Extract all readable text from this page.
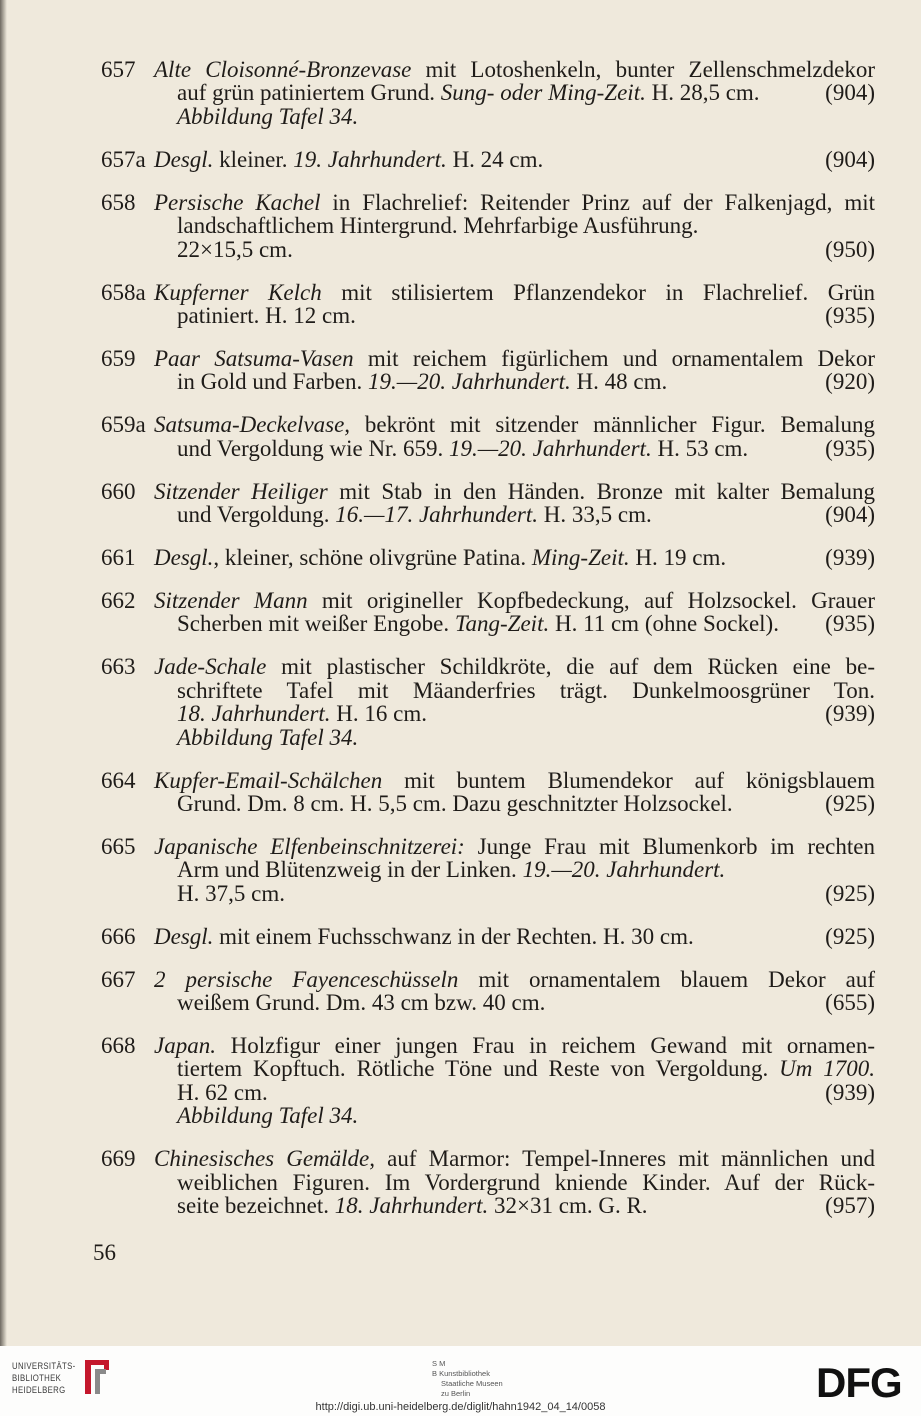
657 Alte Cloisonné-Bronzevase mit Lotoshenkeln, bunter Zellenschmelzdekor
auf grün patiniertem Grund. Sung- oder Ming-Zeit. H. 28,5 cm.	(904)
Abbildung Tafel 34.
657a Desgl. kleiner. 19. Jahrhundert. H. 24 cm.	(904)
658 Persische Kachel in Flachrelief: Reitender Prinz auf der Falkenjagd, mit
landschaftlichem Hintergrund. Mehrfarbige Ausführung.
22×15,5 cm.	(950)
658a Kupferner Kelch mit stilisiertem Pflanzendekor in Flachrelief. Grün
patiniert. H. 12 cm.	(935)
659 Paar Satsuma-Vasen mit reichem figürlichem und ornamentalem Dekor
in Gold und Farben. 19.—20. Jahrhundert. H. 48 cm.	(920)
659a Satsuma-Deckelvase, bekrönt mit sitzender männlicher Figur. Bemalung
und Vergoldung wie Nr. 659. 19.—20. Jahrhundert. H. 53 cm.	(935)
660 Sitzender Heiliger mit Stab in den Händen. Bronze mit kalter Bemalung
und Vergoldung. 16.—17. Jahrhundert. H. 33,5 cm.	(904)
661 Desgl., kleiner, schöne olivgrüne Patina. Ming-Zeit. H. 19 cm.	(939)
662 Sitzender Mann mit origineller Kopfbedeckung, auf Holzsockel. Grauer
Scherben mit weißer Engobe. Tang-Zeit. H. 11 cm (ohne Sockel). (935)
663 Jade-Schale mit plastischer Schildkröte, die auf dem Rücken eine be-
schriftete Tafel mit Mäanderfries trägt. Dunkelmoosgrüner Ton.
18. Jahrhundert. H. 16 cm.	(939)
Abbildung Tafel 34.
664 Kupfer-Email-Schälchen mit buntem Blumendekor auf königsblauem
Grund. Dm. 8 cm. H. 5,5 cm. Dazu geschnitzter Holzsockel.	(925)
665 Japanische Elfenbeinschnitzerei: Junge Frau mit Blumenkorb im rechten
Arm und Blütenzweig in der Linken. 19.—20. Jahrhundert.
H. 37,5 cm.	(925)
666 Desgl. mit einem Fuchsschwanz in der Rechten. H. 30 cm.	(925)
667 2 persische Fayenceschüsseln mit ornamentalem blauem Dekor auf
weißem Grund. Dm. 43 cm bzw. 40 cm.	(655)
668 Japan. Holzfigur einer jungen Frau in reichem Gewand mit ornamen-
tiertem Kopftuch. Rötliche Töne und Reste von Vergoldung. Um 1700.
H. 62 cm.	(939)
Abbildung Tafel 34.
669 Chinesisches Gemälde, auf Marmor: Tempel-Inneres mit männlichen und
weiblichen Figuren. Im Vordergrund kniende Kinder. Auf der Rück-
seite bezeichnet. 18. Jahrhundert. 32×31 cm. G. R.	(957)
56
UNIVERSITÄTS-
BIBLIOTHEK
HEIDELBERG
S M
B Kunstbibliothek
Staatliche Museen
zu Berlin	DFG
http://digi.ub.uni-heidelberg.de/diglit/hahn1942_04_14/0058
